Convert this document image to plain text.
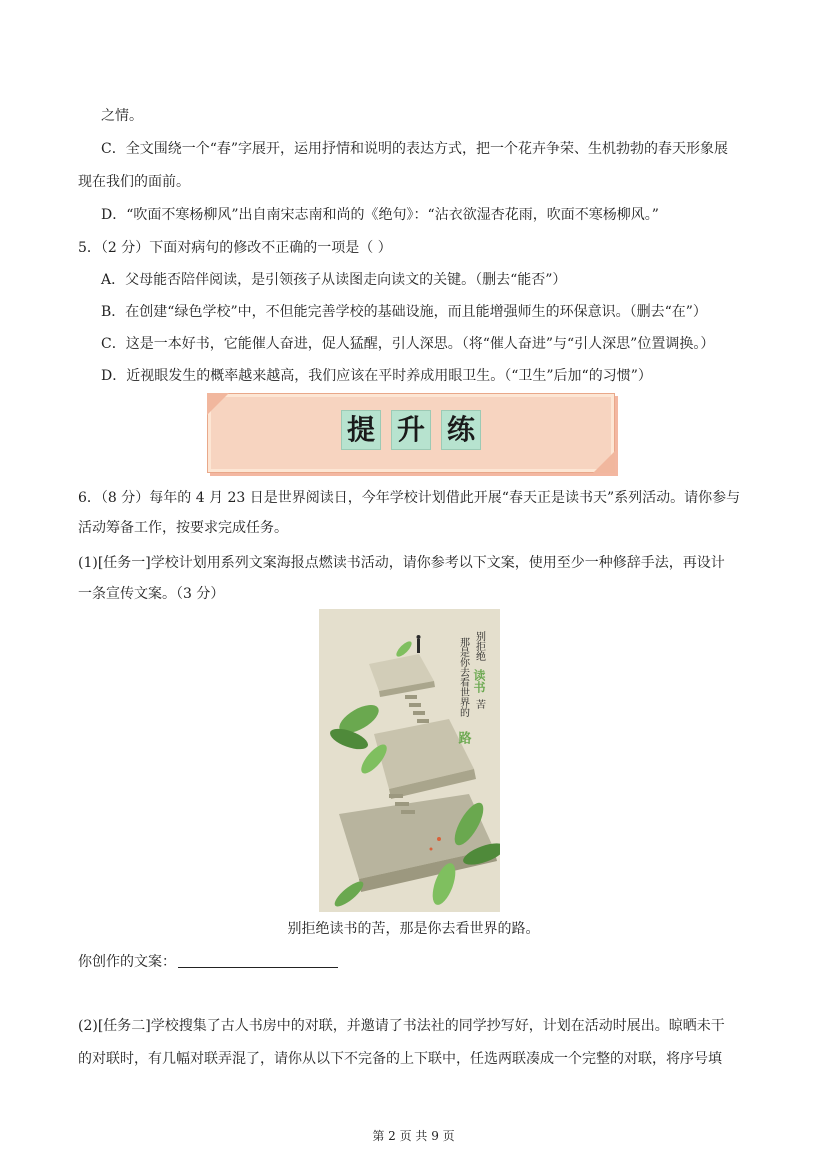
之情。
C．全文围绕一个“春”字展开，运用抒情和说明的表达方式，把一个花卉争荣、生机勃勃的春天形象展
现在我们的面前。
D．“吹面不寒杨柳风”出自南宋志南和尚的《绝句》：“沾衣欲湿杏花雨，吹面不寒杨柳风。”
5．（2 分）下面对病句的修改不正确的一项是（ ）
A．父母能否陪伴阅读，是引领孩子从读图走向读文的关键。（删去“能否”）
B．在创建“绿色学校”中，不但能完善学校的基础设施，而且能增强师生的环保意识。（删去“在”）
C．这是一本好书，它能催人奋进，促人猛醒，引人深思。（将“催人奋进”与“引人深思”位置调换。）
D．近视眼发生的概率越来越高，我们应该在平时养成用眼卫生。（“卫生”后加“的习惯”）
提 升 练
6．（8 分）每年的 4 月 23 日是世界阅读日，今年学校计划借此开展“春天正是读书天”系列活动。请你参与
活动筹备工作，按要求完成任务。
(1)[任务一]学校计划用系列文案海报点燃读书活动，请你参考以下文案，使用至少一种修辞手法，再设计
一条宣传文案。（3 分）
别拒绝
读书
苦
那是你去看世界的
路
别拒绝读书的苦，那是你去看世界的路。
你创作的文案：
(2)[任务二]学校搜集了古人书房中的对联，并邀请了书法社的同学抄写好，计划在活动时展出。晾晒未干
的对联时，有几幅对联弄混了，请你从以下不完备的上下联中，任选两联凑成一个完整的对联，将序号填
第 2 页 共 9 页
